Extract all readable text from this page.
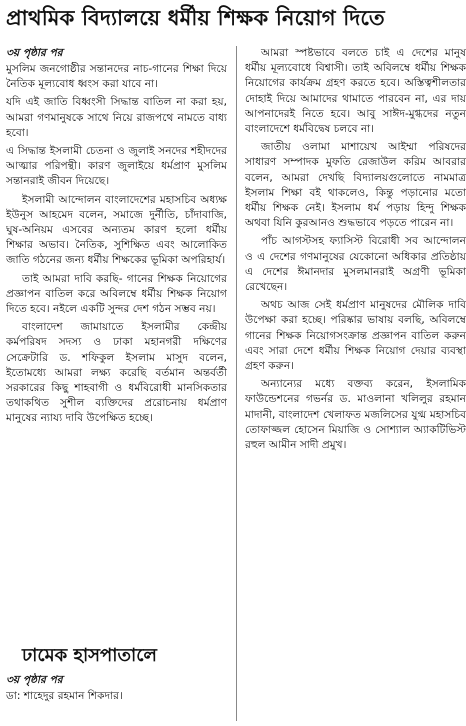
প্রাথমিক বিদ্যালয়ে ধর্মীয় শিক্ষক নিয়োগ দিতে
৩য় পৃষ্ঠার পর

মুসলিম জনগোষ্ঠীর সন্তানদের নাচ-গানের শিক্ষা দিয়ে নৈতিক মূল্যবোধ ধ্বংস করা যাবে না।

যদি এই জাতি বিধ্বংসী সিদ্ধান্ত বাতিল না করা হয়, আমরা গণমানুষকে সাথে নিয়ে রাজপথে নামতে বাধ্য হবো।

এ সিদ্ধান্ত ইসলামী চেতনা ও জুলাই সনদের শহীদদের আত্মার পরিপন্থী। কারণ জুলাইয়ে ধর্মপ্রাণ মুসলিম সন্তানরাই জীবন দিয়েছে।

ইসলামী আন্দোলন বাংলাদেশের মহাসচিব অধ্যক্ষ ইউনুস আহমেদ বলেন, সমাজে দুর্নীতি, চাঁদাবাজি, ঘুষ-অনিয়ম এসবের অন্যতম কারণ হলো ধর্মীয় শিক্ষার অভাব। নৈতিক, সুশিক্ষিত এবং আলোকিত জাতি গঠনের জন্য ধর্মীয় শিক্ষকের ভূমিকা অপরিহার্য।

তাই আমরা দাবি করছি- গানের শিক্ষক নিয়োগের প্রজ্ঞাপন বাতিল করে অবিলম্বে ধর্মীয় শিক্ষক নিয়োগ দিতে হবে। নইলে একটি সুন্দর দেশ গঠন সম্ভব নয়।

বাংলাদেশ জামায়াতে ইসলামীর কেন্দ্রীয় কর্মপরিষদ সদস্য ও ঢাকা মহানগরী দক্ষিণের সেক্রেটারি ড. শফিকুল ইসলাম মাসুদ বলেন, ইতোমধ্যে আমরা লক্ষ্য করেছি বর্তমান অন্তর্বর্তী সরকারের কিছু শাহবাগী ও ধর্মবিরোধী মানসিকতার তথাকথিত সুশীল ব্যক্তিদের প্ররোচনায় ধর্মপ্রাণ মানুষের ন্যায্য দাবি উপেক্ষিত হচ্ছে।

আমরা স্পষ্টভাবে বলতে চাই এ দেশের মানুষ ধর্মীয় মূল্যবোধে বিশ্বাসী। তাই অবিলম্বে ধর্মীয় শিক্ষক নিয়োগের কার্যক্রম গ্রহণ করতে হবে। অস্তিত্বশীলতার দোহাই দিয়ে আমাদের থামাতে পারবেন না, এর দায় আপনাদেরই নিতে হবে। আবু সাঈদ-মুগ্ধদের নতুন বাংলাদেশে ধর্মবিদ্বেষ চলবে না।

জাতীয় ওলামা মাশায়েখ আইম্মা পরিষদের সাধারণ সম্পাদক মুফতি রেজাউল করিম আবরার বলেন, আমরা দেখছি বিদ্যালয়গুলোতে নামমাত্র ইসলাম শিক্ষা বই থাকলেও, কিন্তু পড়ানোর মতো ধর্মীয় শিক্ষক নেই। ইসলাম ধর্ম পড়ায় হিন্দু শিক্ষক অথবা যিনি কুরআনও শুদ্ধভাবে পড়তে পারেন না।

পাঁচ আগস্টসহ ফ্যাসিস্ট বিরোধী সব আন্দোলন ও এ দেশের গণমানুষের যেকোনো অধিকার প্রতিষ্ঠায় এ দেশের ঈমানদার মুসলমানরাই অগ্রণী ভূমিকা রেখেছেন।

অথচ আজ সেই ধর্মপ্রাণ মানুষদের মৌলিক দাবি উপেক্ষা করা হচ্ছে। পরিষ্কার ভাষায় বলছি, অবিলম্বে গানের শিক্ষক নিয়োগসংক্রান্ত প্রজ্ঞাপন বাতিল করুন এবং সারা দেশে ধর্মীয় শিক্ষক নিয়োগ দেয়ার ব্যবস্থা গ্রহণ করুন।

অন্যান্যের মধ্যে বক্তব্য করেন, ইসলামিক ফাউন্ডেশনের গভর্নর ড. মাওলানা খলিলুর রহমান মাদানী, বাংলাদেশ খেলাফত মজলিসের যুগ্ম মহাসচিব তোফাজ্জল হোসেন মিয়াজি ও সোশ্যাল অ্যাকটিভিস্ট রহুল আমীন সাদী প্রমুখ।

ঢামেক হাসপাতালে
৩য় পৃষ্ঠার পর

ডা: শাহেদুর রহমান শিকদার।
